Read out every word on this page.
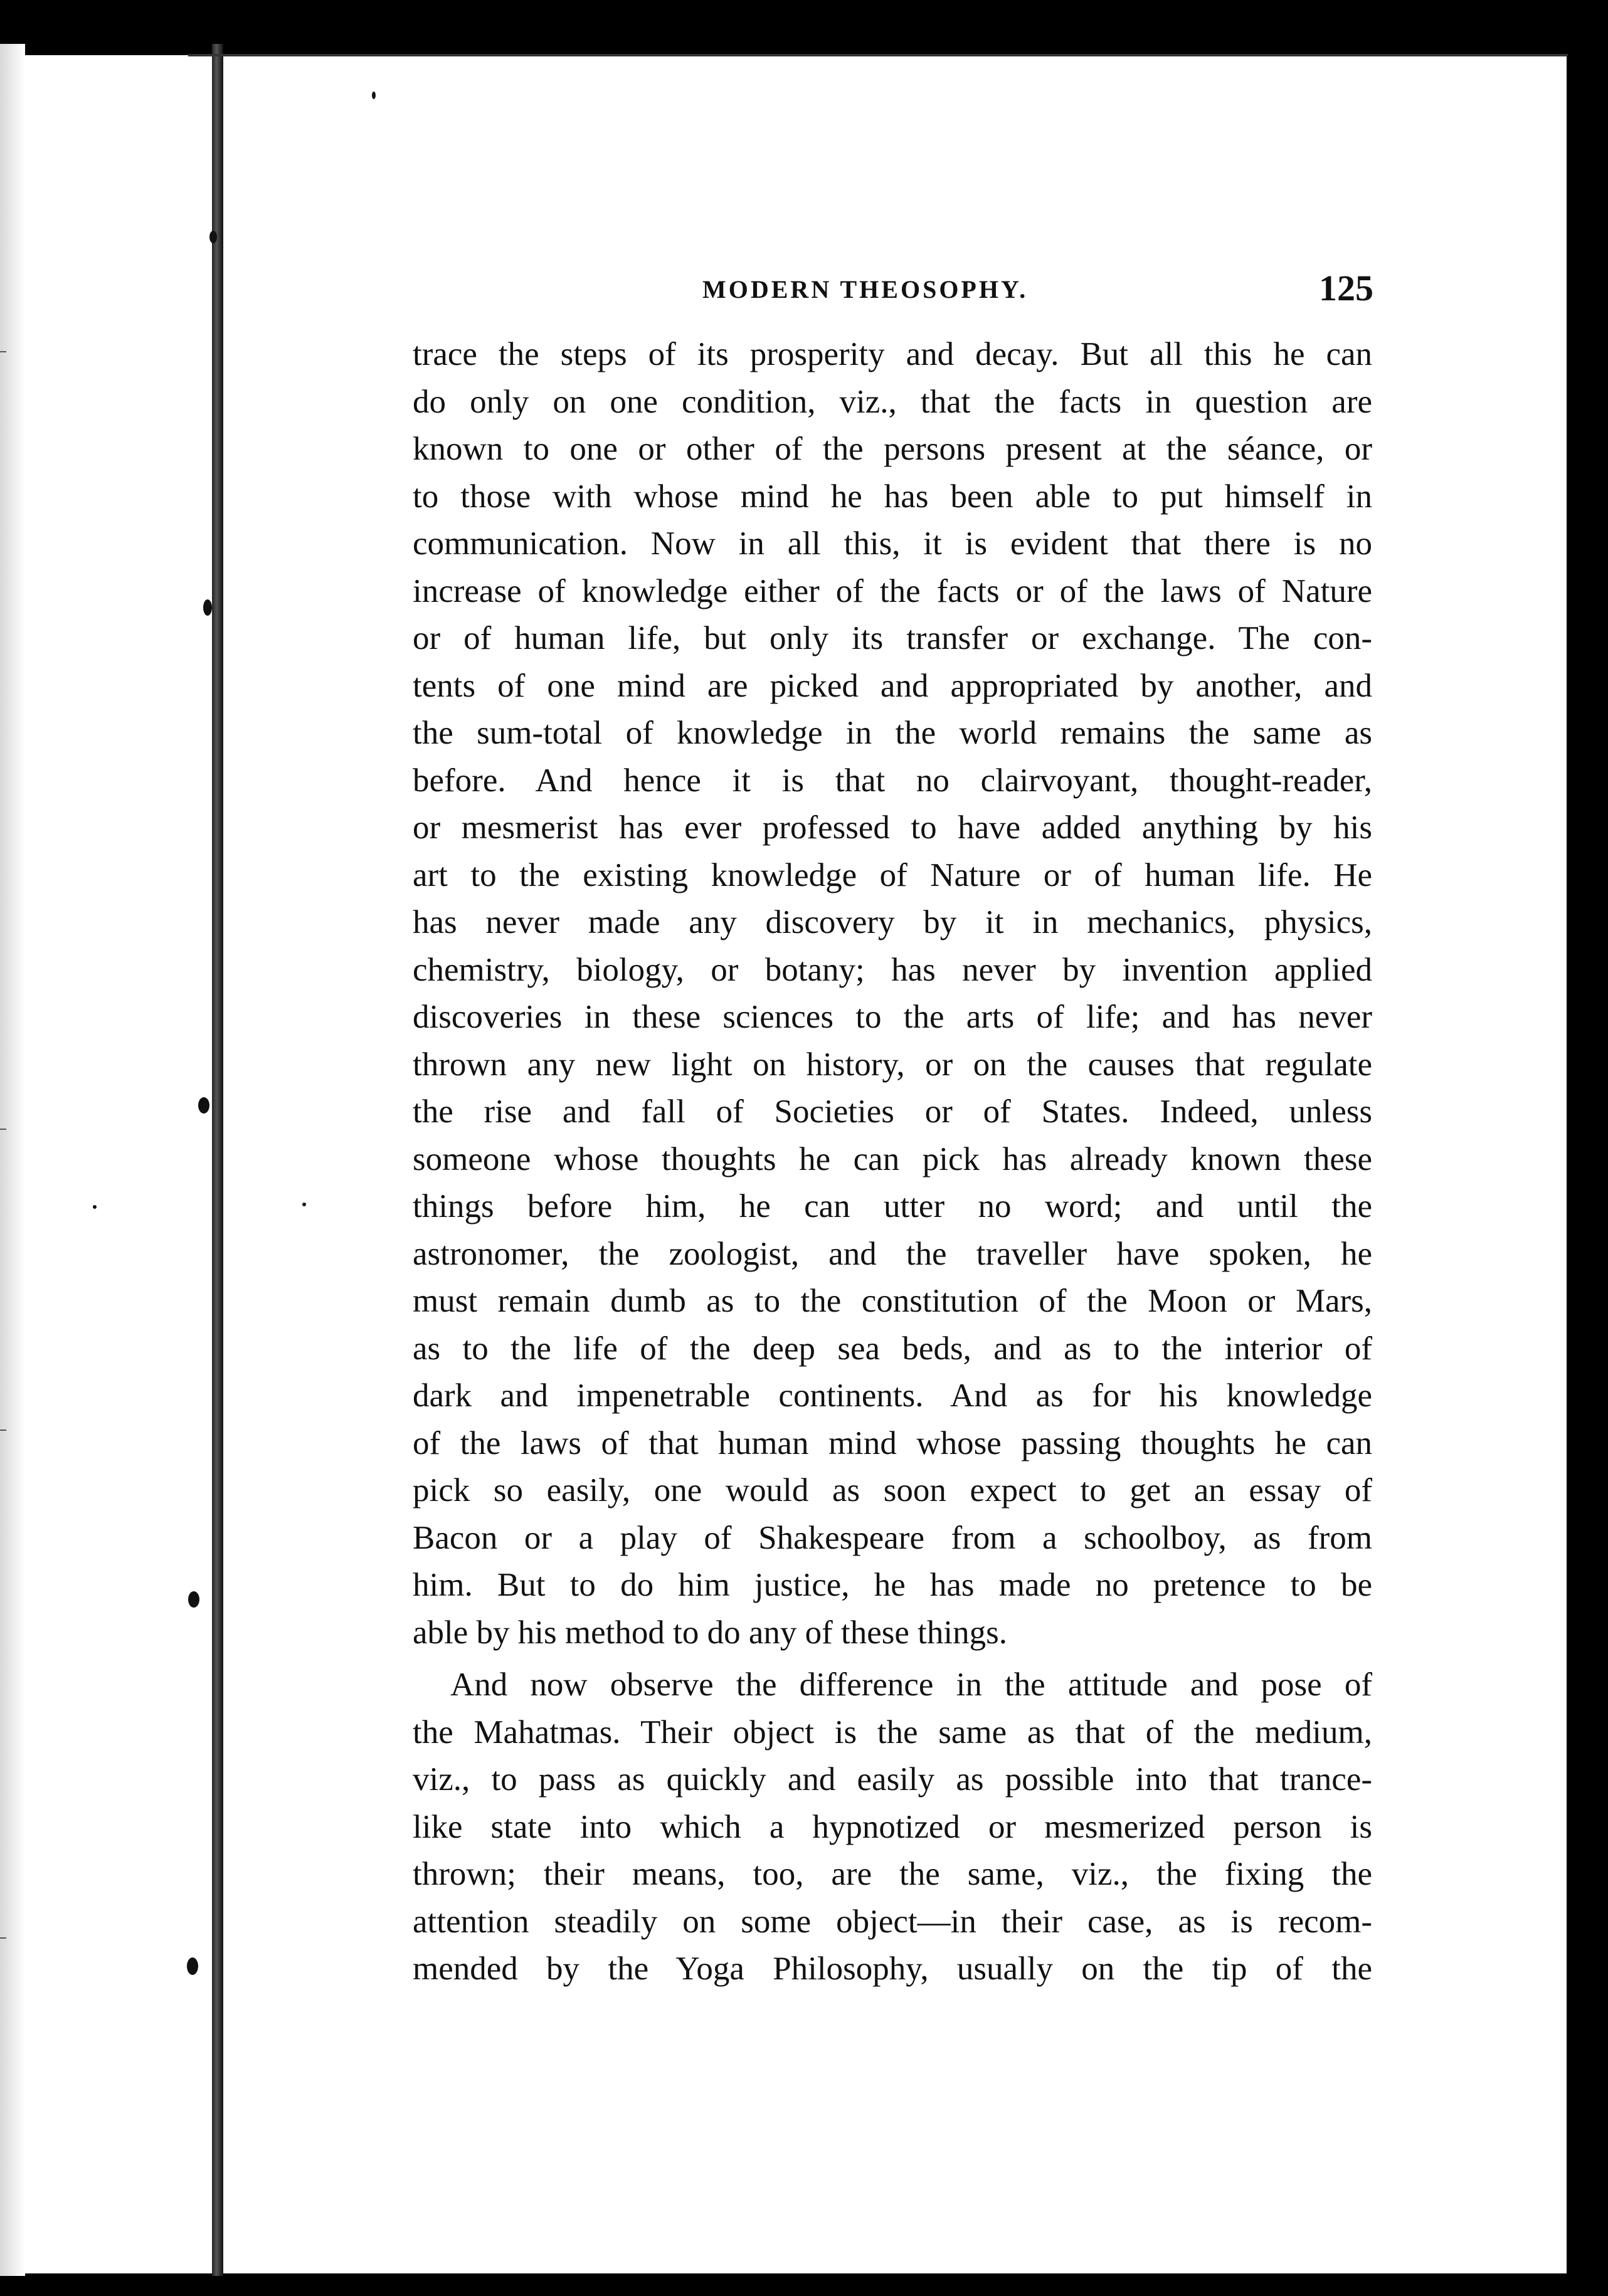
MODERN THEOSOPHY.	125
trace the steps of its prosperity and decay. But all this he can
do only on one condition, viz., that the facts in question are
known to one or other of the persons present at the séance, or
to those with whose mind he has been able to put himself in
communication. Now in all this, it is evident that there is no
increase of knowledge either of the facts or of the laws of Nature
or of human life, but only its transfer or exchange. The con-
tents of one mind are picked and appropriated by another, and
the sum-total of knowledge in the world remains the same as
before. And hence it is that no clairvoyant, thought-reader,
or mesmerist has ever professed to have added anything by his
art to the existing knowledge of Nature or of human life. He
has never made any discovery by it in mechanics, physics,
chemistry, biology, or botany; has never by invention applied
discoveries in these sciences to the arts of life; and has never
thrown any new light on history, or on the causes that regulate
the rise and fall of Societies or of States. Indeed, unless
someone whose thoughts he can pick has already known these
things before him, he can utter no word; and until the
astronomer, the zoologist, and the traveller have spoken, he
must remain dumb as to the constitution of the Moon or Mars,
as to the life of the deep sea beds, and as to the interior of
dark and impenetrable continents. And as for his knowledge
of the laws of that human mind whose passing thoughts he can
pick so easily, one would as soon expect to get an essay of
Bacon or a play of Shakespeare from a schoolboy, as from
him. But to do him justice, he has made no pretence to be
able by his method to do any of these things.
And now observe the difference in the attitude and pose of
the Mahatmas. Their object is the same as that of the medium,
viz., to pass as quickly and easily as possible into that trance-
like state into which a hypnotized or mesmerized person is
thrown; their means, too, are the same, viz., the fixing the
attention steadily on some object—in their case, as is recom-
mended by the Yoga Philosophy, usually on the tip of the
